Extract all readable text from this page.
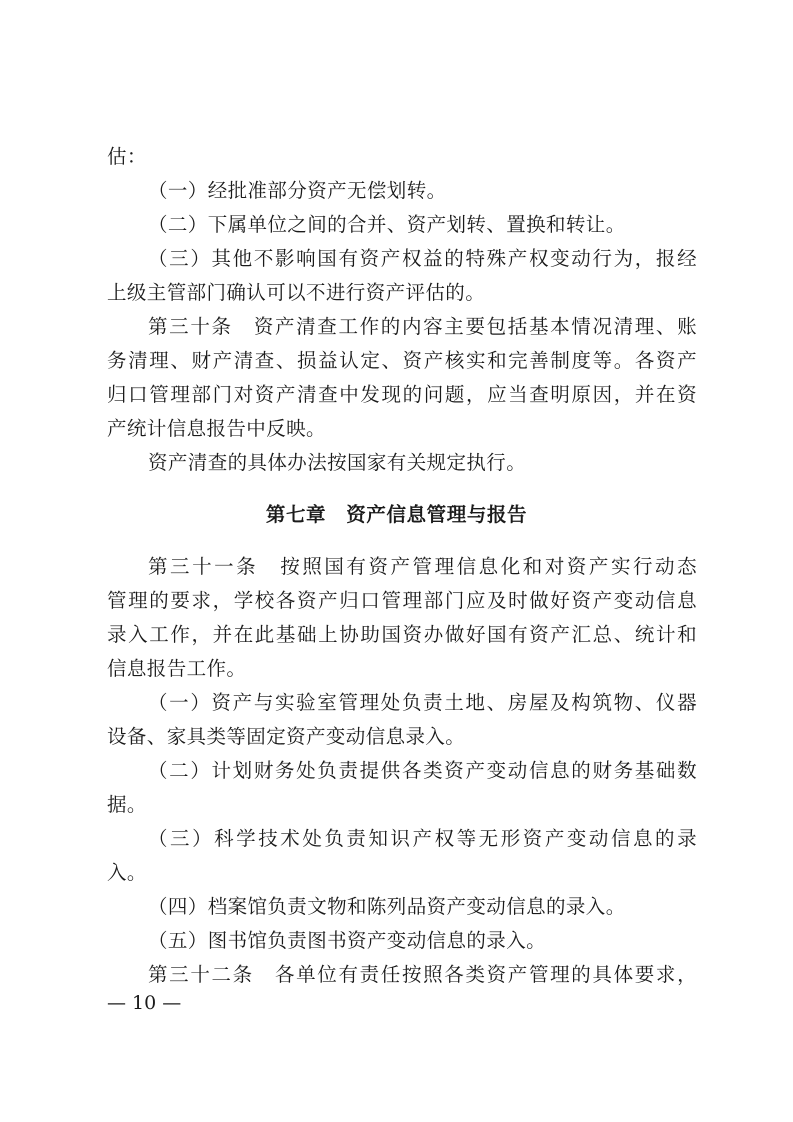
估：
（一）经批准部分资产无偿划转。
（二）下属单位之间的合并、资产划转、置换和转让。
（三）其他不影响国有资产权益的特殊产权变动行为，报经
上级主管部门确认可以不进行资产评估的。
第三十条　资产清查工作的内容主要包括基本情况清理、账
务清理、财产清查、损益认定、资产核实和完善制度等。各资产
归口管理部门对资产清查中发现的问题，应当查明原因，并在资
产统计信息报告中反映。
资产清查的具体办法按国家有关规定执行。
第七章　资产信息管理与报告
第三十一条　按照国有资产管理信息化和对资产实行动态
管理的要求，学校各资产归口管理部门应及时做好资产变动信息
录入工作，并在此基础上协助国资办做好国有资产汇总、统计和
信息报告工作。
（一）资产与实验室管理处负责土地、房屋及构筑物、仪器
设备、家具类等固定资产变动信息录入。
（二）计划财务处负责提供各类资产变动信息的财务基础数
据。
（三）科学技术处负责知识产权等无形资产变动信息的录
入。
（四）档案馆负责文物和陈列品资产变动信息的录入。
（五）图书馆负责图书资产变动信息的录入。
第三十二条　各单位有责任按照各类资产管理的具体要求，
— 10 —
